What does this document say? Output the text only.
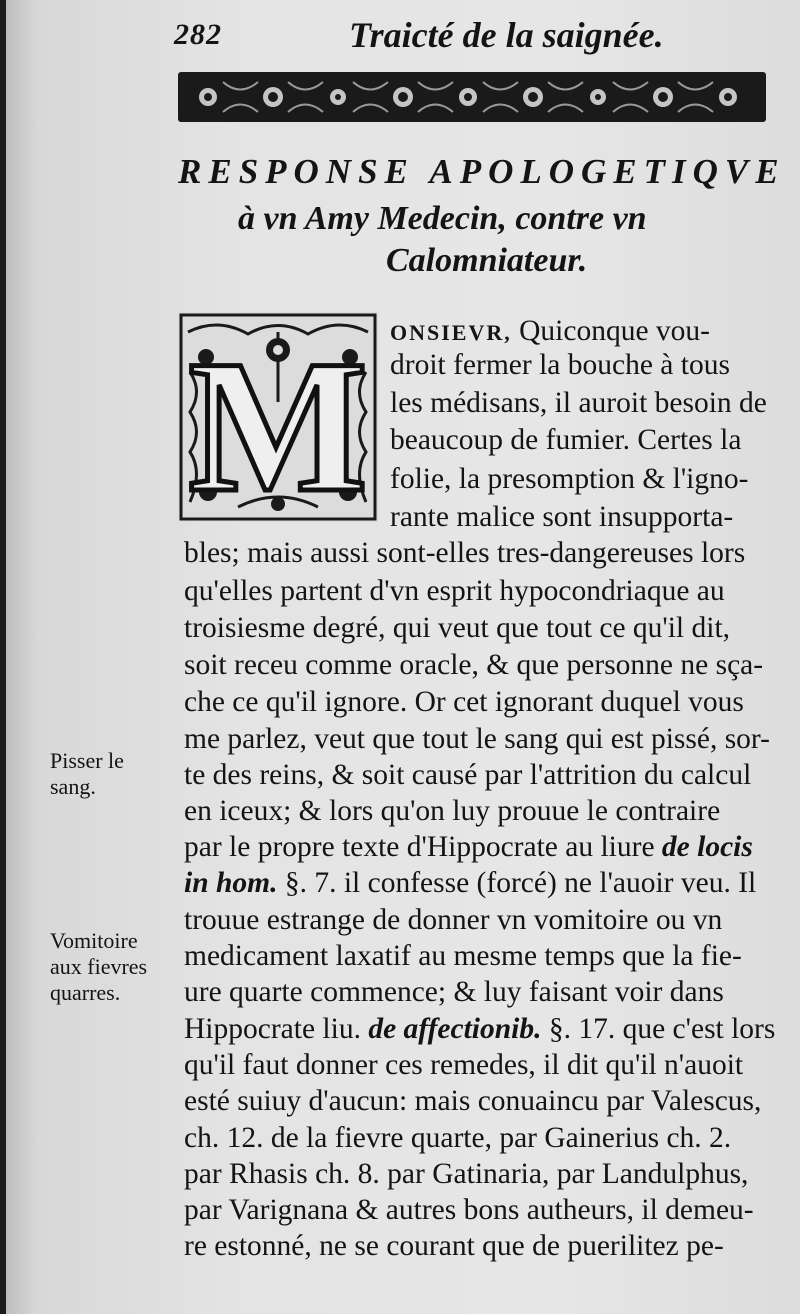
282	Traicté de la saignée.
RESPONSE APOLOGETIQVE
à vn Amy Medecin, contre vn
Calomniateur.
M ONSIEVR, Quiconque vou-
droit fermer la bouche à tous
les médisans, il auroit besoin de
beaucoup de fumier. Certes la
folie, la presomption & l'igno-
rante malice sont insupporta-
bles; mais aussi sont-elles tres-dangereuses lors
qu'elles partent d'vn esprit hypocondriaque au
troisiesme degré, qui veut que tout ce qu'il dit,
soit receu comme oracle, & que personne ne sça-
che ce qu'il ignore. Or cet ignorant duquel vous
me parlez, veut que tout le sang qui est pissé, sor-
te des reins, & soit causé par l'attrition du calcul
en iceux; & lors qu'on luy prouue le contraire
par le propre texte d'Hippocrate au liure de locis
in hom. §. 7. il confesse (forcé) ne l'auoir veu. Il
trouue estrange de donner vn vomitoire ou vn
medicament laxatif au mesme temps que la fie-
ure quarte commence; & luy faisant voir dans
Hippocrate liu. de affectionib. §. 17. que c'est lors
qu'il faut donner ces remedes, il dit qu'il n'auoit
esté suiuy d'aucun: mais conuaincu par Valescus,
ch. 12. de la fievre quarte, par Gainerius ch. 2.
par Rhasis ch. 8. par Gatinaria, par Landulphus,
par Varignana & autres bons autheurs, il demeu-
re estonné, ne se courant que de puerilitez pe-
Pisser le
sang.
Vomitoire
aux fievres
quarres.
